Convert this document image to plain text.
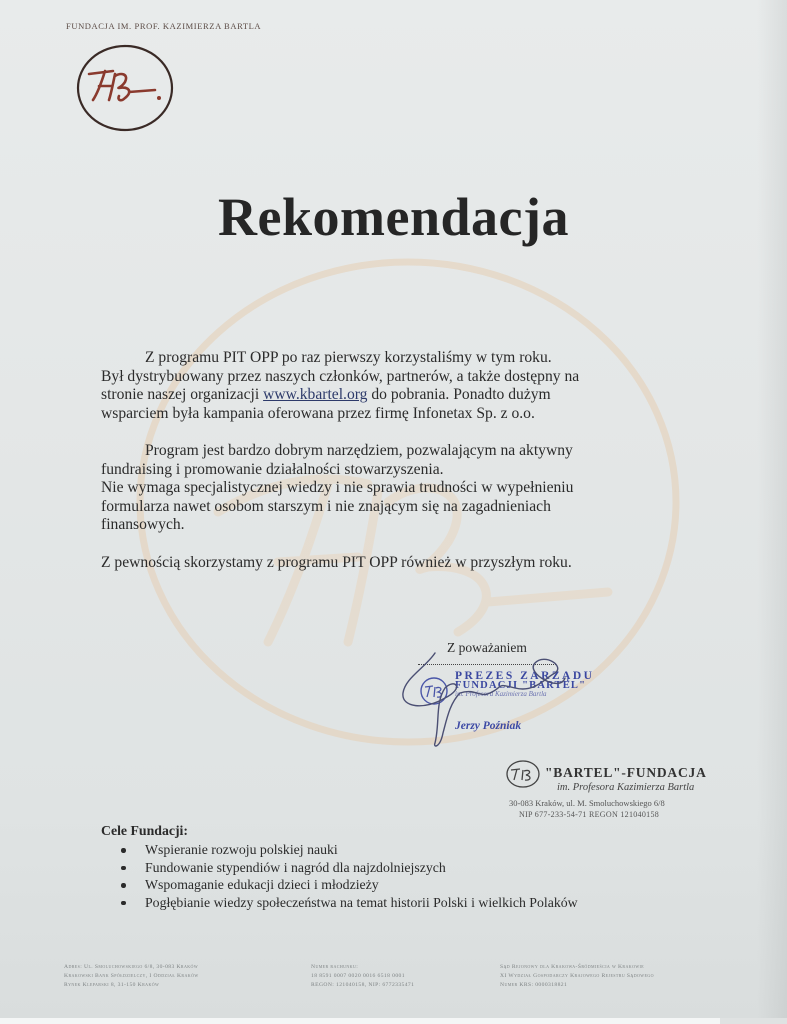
FUNDACJA IM. PROF. KAZIMIERZA BARTLA
Rekomendacja

Z programu PIT OPP po raz pierwszy korzystaliśmy w tym roku.

Był dystrybuowany przez naszych członków, partnerów, a także dostępny na

stronie naszej organizacji www.kbartel.org do pobrania. Ponadto dużym

wsparciem była kampania oferowana przez firmę Infonetax Sp. z o.o.

Program jest bardzo dobrym narzędziem, pozwalającym na aktywny

fundraising i promowanie działalności stowarzyszenia.

Nie wymaga specjalistycznej wiedzy i nie sprawia trudności w wypełnieniu

formularza nawet osobom starszym i nie znającym się na zagadnieniach

finansowych.

Z pewnością skorzystamy z programu PIT OPP również w przyszłym roku.

Z poważaniem
PREZES ZARZĄDU
FUNDACJI "BARTEL"
im. Profesora Kazimierza Bartla
Jerzy Poźniak
"BARTEL"-FUNDACJA
im. Profesora Kazimierza Bartla
30-083 Kraków, ul. M. Smoluchowskiego 6/8
NIP 677-233-54-71 REGON 121040158
Cele Fundacji:
Wspieranie rozwoju polskiej nauki
Fundowanie stypendiów i nagród dla najzdolniejszych
Wspomaganie edukacji dzieci i młodzieży
Pogłębianie wiedzy społeczeństwa na temat historii Polski i wielkich Polaków
Adres: Ul. Smoluchowskiego 6/8, 30-083 Kraków
Krakowski Bank Spółdzielczy, I Oddział Kraków
Rynek Kleparski 8, 31-150 Kraków
Numer rachunku:
18 8591 0007 0020 0016 6518 0001
REGON: 121040158, NIP: 6772335471
Sąd Rejonowy dla Krakowa-Śródmieścia w Krakowie
XI Wydział Gospodarczy Krajowego Rejestru Sądowego
Numer KRS: 0000318821
